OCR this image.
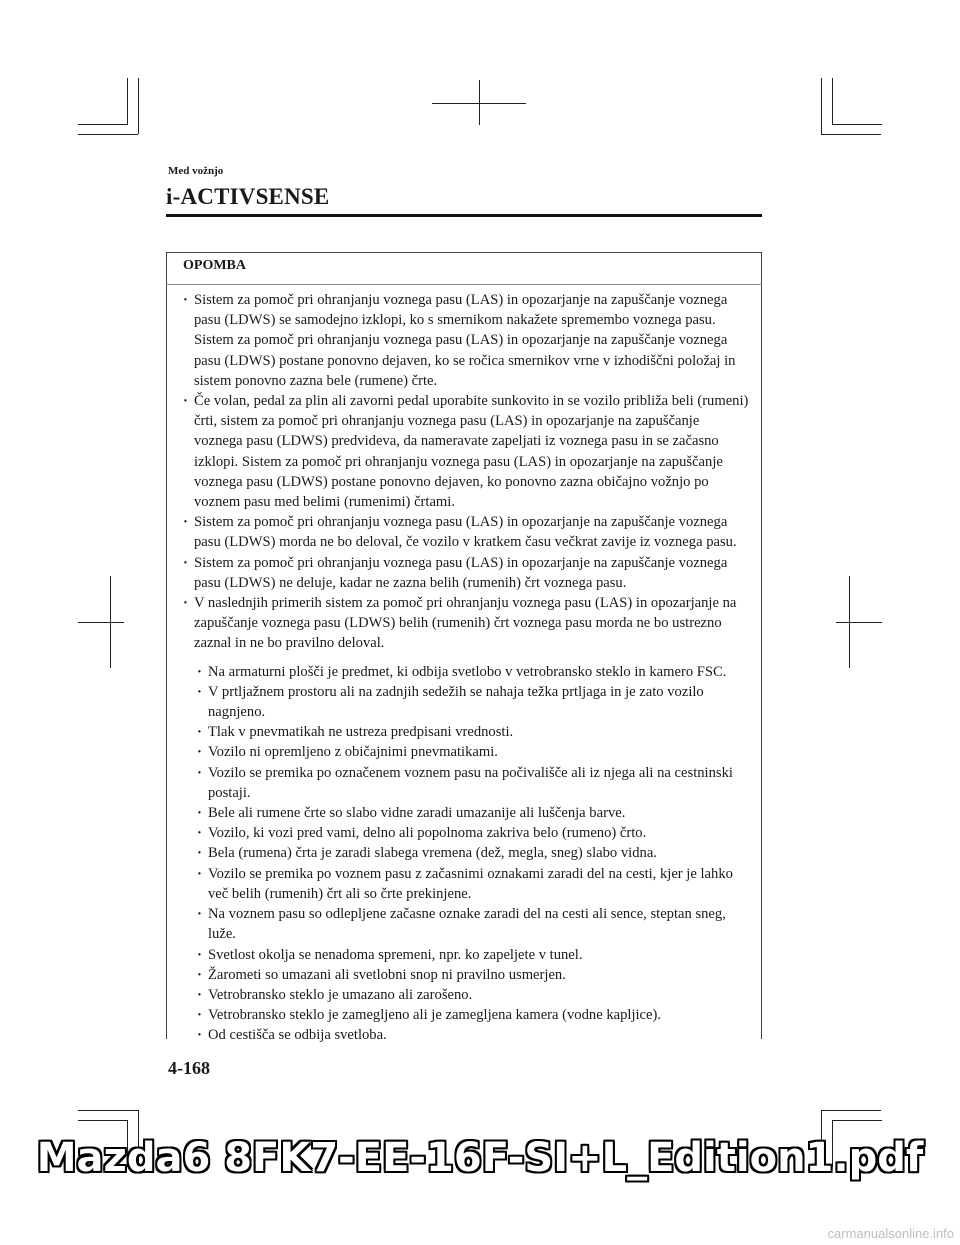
Med vožnjo
i-ACTIVSENSE
OPOMBA
· Sistem za pomoč pri ohranjanju voznega pasu (LAS) in opozarjanje na zapuščanje voznega pasu (LDWS) se samodejno izklopi, ko s smernikom nakažete spremembo voznega pasu. Sistem za pomoč pri ohranjanju voznega pasu (LAS) in opozarjanje na zapuščanje voznega pasu (LDWS) postane ponovno dejaven, ko se ročica smernikov vrne v izhodiščni položaj in sistem ponovno zazna bele (rumene) črte.
· Če volan, pedal za plin ali zavorni pedal uporabite sunkovito in se vozilo približa beli (rumeni) črti, sistem za pomoč pri ohranjanju voznega pasu (LAS) in opozarjanje na zapuščanje voznega pasu (LDWS) predvideva, da nameravate zapeljati iz voznega pasu in se začasno izklopi. Sistem za pomoč pri ohranjanju voznega pasu (LAS) in opozarjanje na zapuščanje voznega pasu (LDWS) postane ponovno dejaven, ko ponovno zazna običajno vožnjo po voznem pasu med belimi (rumenimi) črtami.
· Sistem za pomoč pri ohranjanju voznega pasu (LAS) in opozarjanje na zapuščanje voznega pasu (LDWS) morda ne bo deloval, če vozilo v kratkem času večkrat zavije iz voznega pasu.
· Sistem za pomoč pri ohranjanju voznega pasu (LAS) in opozarjanje na zapuščanje voznega pasu (LDWS) ne deluje, kadar ne zazna belih (rumenih) črt voznega pasu.
· V naslednjih primerih sistem za pomoč pri ohranjanju voznega pasu (LAS) in opozarjanje na zapuščanje voznega pasu (LDWS) belih (rumenih) črt voznega pasu morda ne bo ustrezno zaznal in ne bo pravilno deloval.
· Na armaturni plošči je predmet, ki odbija svetlobo v vetrobransko steklo in kamero FSC.
· V prtljažnem prostoru ali na zadnjih sedežih se nahaja težka prtljaga in je zato vozilo nagnjeno.
· Tlak v pnevmatikah ne ustreza predpisani vrednosti.
· Vozilo ni opremljeno z običajnimi pnevmatikami.
· Vozilo se premika po označenem voznem pasu na počivališče ali iz njega ali na cestninski postaji.
· Bele ali rumene črte so slabo vidne zaradi umazanije ali luščenja barve.
· Vozilo, ki vozi pred vami, delno ali popolnoma zakriva belo (rumeno) črto.
· Bela (rumena) črta je zaradi slabega vremena (dež, megla, sneg) slabo vidna.
· Vozilo se premika po voznem pasu z začasnimi oznakami zaradi del na cesti, kjer je lahko več belih (rumenih) črt ali so črte prekinjene.
· Na voznem pasu so odlepljene začasne oznake zaradi del na cesti ali sence, steptan sneg, luže.
· Svetlost okolja se nenadoma spremeni, npr. ko zapeljete v tunel.
· Žarometi so umazani ali svetlobni snop ni pravilno usmerjen.
· Vetrobransko steklo je umazano ali zarošeno.
· Vetrobransko steklo je zamegljeno ali je zamegljena kamera (vodne kapljice).
· Od cestišča se odbija svetloba.
4-168
Mazda6 8FK7-EE-16F-SI+L_Edition1.pdf
carmanualsonline.info
